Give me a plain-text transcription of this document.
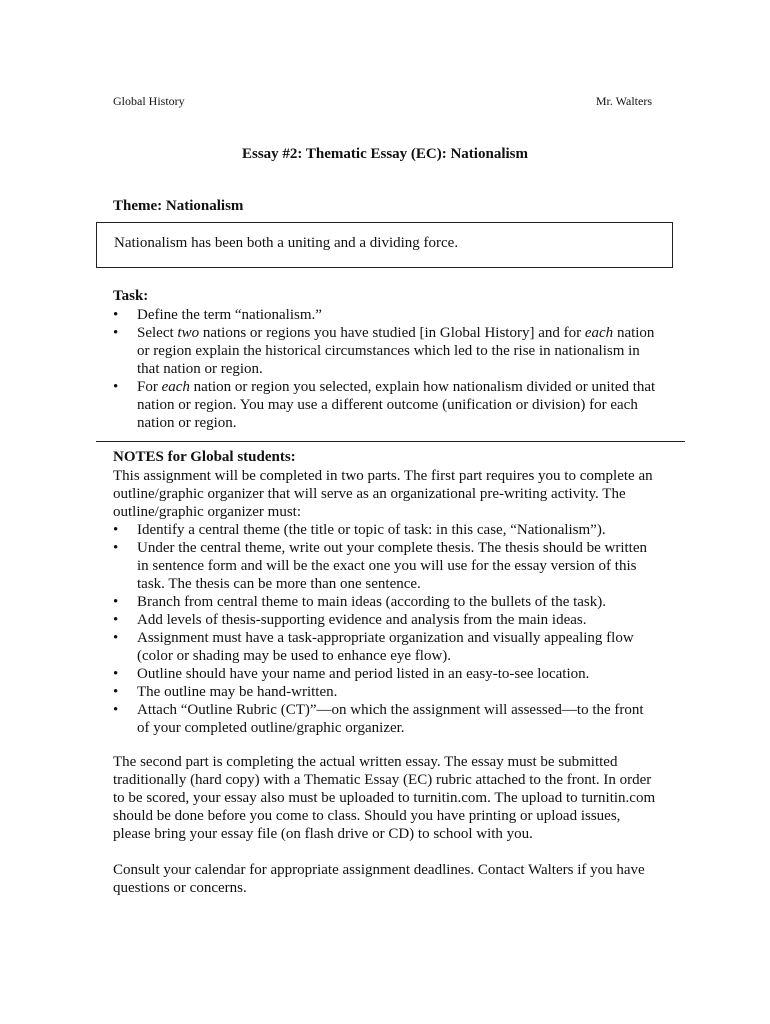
Global History	Mr. Walters
Essay #2: Thematic Essay (EC): Nationalism
Theme: Nationalism
Nationalism has been both a uniting and a dividing force.
Task:
•	Define the term “nationalism.”
•	Select two nations or regions you have studied [in Global History] and for each nation or region explain the historical circumstances which led to the rise in nationalism in that nation or region.
•	For each nation or region you selected, explain how nationalism divided or united that nation or region. You may use a different outcome (unification or division) for each nation or region.
NOTES for Global students:

This assignment will be completed in two parts. The first part requires you to complete an outline/graphic organizer that will serve as an organizational pre-writing activity. The outline/graphic organizer must:

•	Identify a central theme (the title or topic of task: in this case, “Nationalism”).
•	Under the central theme, write out your complete thesis. The thesis should be written in sentence form and will be the exact one you will use for the essay version of this task. The thesis can be more than one sentence.
•	Branch from central theme to main ideas (according to the bullets of the task).
•	Add levels of thesis-supporting evidence and analysis from the main ideas.
•	Assignment must have a task-appropriate organization and visually appealing flow (color or shading may be used to enhance eye flow).
•	Outline should have your name and period listed in an easy-to-see location.
•	The outline may be hand-written.
•	Attach “Outline Rubric (CT)”—on which the assignment will assessed—to the front of your completed outline/graphic organizer.

The second part is completing the actual written essay. The essay must be submitted traditionally (hard copy) with a Thematic Essay (EC) rubric attached to the front. In order to be scored, your essay also must be uploaded to turnitin.com. The upload to turnitin.com should be done before you come to class. Should you have printing or upload issues, please bring your essay file (on flash drive or CD) to school with you.

Consult your calendar for appropriate assignment deadlines. Contact Walters if you have questions or concerns.
